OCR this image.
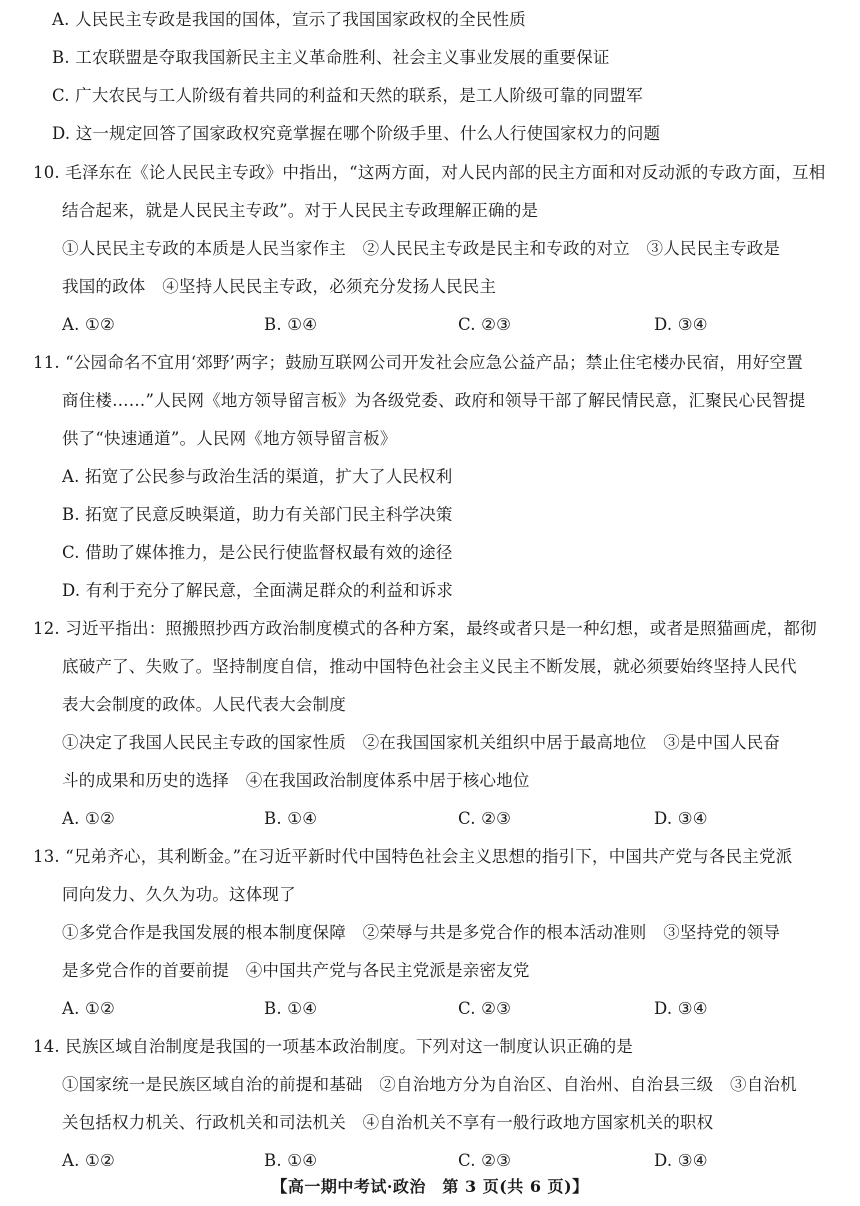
A. 人民民主专政是我国的国体，宣示了我国国家政权的全民性质
B. 工农联盟是夺取我国新民主主义革命胜利、社会主义事业发展的重要保证
C. 广大农民与工人阶级有着共同的利益和天然的联系，是工人阶级可靠的同盟军
D. 这一规定回答了国家政权究竟掌握在哪个阶级手里、什么人行使国家权力的问题
10. 毛泽东在《论人民民主专政》中指出，“这两方面，对人民内部的民主方面和对反动派的专政方面，互相
结合起来，就是人民民主专政”。对于人民民主专政理解正确的是
①人民民主专政的本质是人民当家作主　②人民民主专政是民主和专政的对立　③人民民主专政是
我国的政体　④坚持人民民主专政，必须充分发扬人民民主
A. ①②	B. ①④	C. ②③	D. ③④
11. “公园命名不宜用‘郊野’两字；鼓励互联网公司开发社会应急公益产品；禁止住宅楼办民宿，用好空置
商住楼……”人民网《地方领导留言板》为各级党委、政府和领导干部了解民情民意，汇聚民心民智提
供了“快速通道”。人民网《地方领导留言板》
A. 拓宽了公民参与政治生活的渠道，扩大了人民权利
B. 拓宽了民意反映渠道，助力有关部门民主科学决策
C. 借助了媒体推力，是公民行使监督权最有效的途径
D. 有利于充分了解民意，全面满足群众的利益和诉求
12. 习近平指出：照搬照抄西方政治制度模式的各种方案，最终或者只是一种幻想，或者是照猫画虎，都彻
底破产了、失败了。坚持制度自信，推动中国特色社会主义民主不断发展，就必须要始终坚持人民代
表大会制度的政体。人民代表大会制度
①决定了我国人民民主专政的国家性质　②在我国国家机关组织中居于最高地位　③是中国人民奋
斗的成果和历史的选择　④在我国政治制度体系中居于核心地位
A. ①②	B. ①④	C. ②③	D. ③④
13. “兄弟齐心，其利断金。”在习近平新时代中国特色社会主义思想的指引下，中国共产党与各民主党派
同向发力、久久为功。这体现了
①多党合作是我国发展的根本制度保障　②荣辱与共是多党合作的根本活动准则　③坚持党的领导
是多党合作的首要前提　④中国共产党与各民主党派是亲密友党
A. ①②	B. ①④	C. ②③	D. ③④
14. 民族区域自治制度是我国的一项基本政治制度。下列对这一制度认识正确的是
①国家统一是民族区域自治的前提和基础　②自治地方分为自治区、自治州、自治县三级　③自治机
关包括权力机关、行政机关和司法机关　④自治机关不享有一般行政地方国家机关的职权
A. ①②	B. ①④	C. ②③	D. ③④
【高一期中考试·政治　第 3 页(共 6 页)】
